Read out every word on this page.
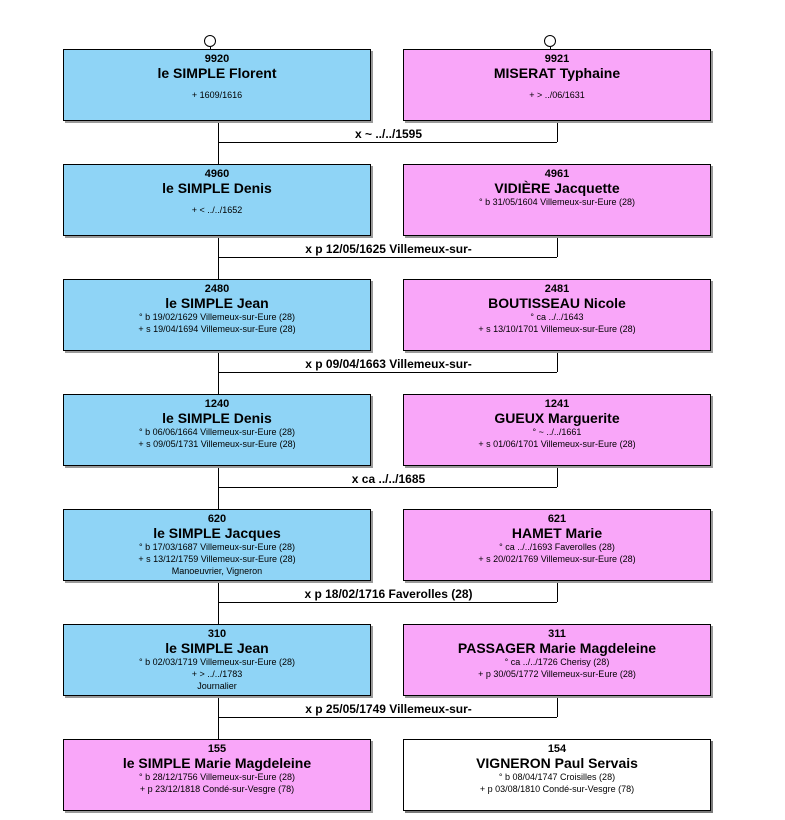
x ~ ../../1595
x p 12/05/1625 Villemeux-sur-
x p 09/04/1663 Villemeux-sur-
x ca ../../1685
x p 18/02/1716 Faverolles (28)
x p 25/05/1749 Villemeux-sur-
9920
le SIMPLE Florent
+ 1609/1616
9921
MISERAT Typhaine
+ > ../06/1631
4960
le SIMPLE Denis
+ < ../../1652
4961
VIDIÈRE Jacquette
° b 31/05/1604 Villemeux-sur-Eure (28)
2480
le SIMPLE Jean
° b 19/02/1629 Villemeux-sur-Eure (28)
+ s 19/04/1694 Villemeux-sur-Eure (28)
2481
BOUTISSEAU Nicole
° ca ../../1643
+ s 13/10/1701 Villemeux-sur-Eure (28)
1240
le SIMPLE Denis
° b 06/06/1664 Villemeux-sur-Eure (28)
+ s 09/05/1731 Villemeux-sur-Eure (28)
1241
GUEUX Marguerite
° ~ ../../1661
+ s 01/06/1701 Villemeux-sur-Eure (28)
620
le SIMPLE Jacques
° b 17/03/1687 Villemeux-sur-Eure (28)
+ s 13/12/1759 Villemeux-sur-Eure (28)
Manoeuvrier, Vigneron
621
HAMET Marie
° ca ../../1693 Faverolles (28)
+ s 20/02/1769 Villemeux-sur-Eure (28)
310
le SIMPLE Jean
° b 02/03/1719 Villemeux-sur-Eure (28)
+ > ../../1783
Journalier
311
PASSAGER Marie Magdeleine
° ca ../../1726 Cherisy (28)
+ p 30/05/1772 Villemeux-sur-Eure (28)
155
le SIMPLE Marie Magdeleine
° b 28/12/1756 Villemeux-sur-Eure (28)
+ p 23/12/1818 Condé-sur-Vesgre (78)
154
VIGNERON Paul Servais
° b 08/04/1747 Croisilles (28)
+ p 03/08/1810 Condé-sur-Vesgre (78)
